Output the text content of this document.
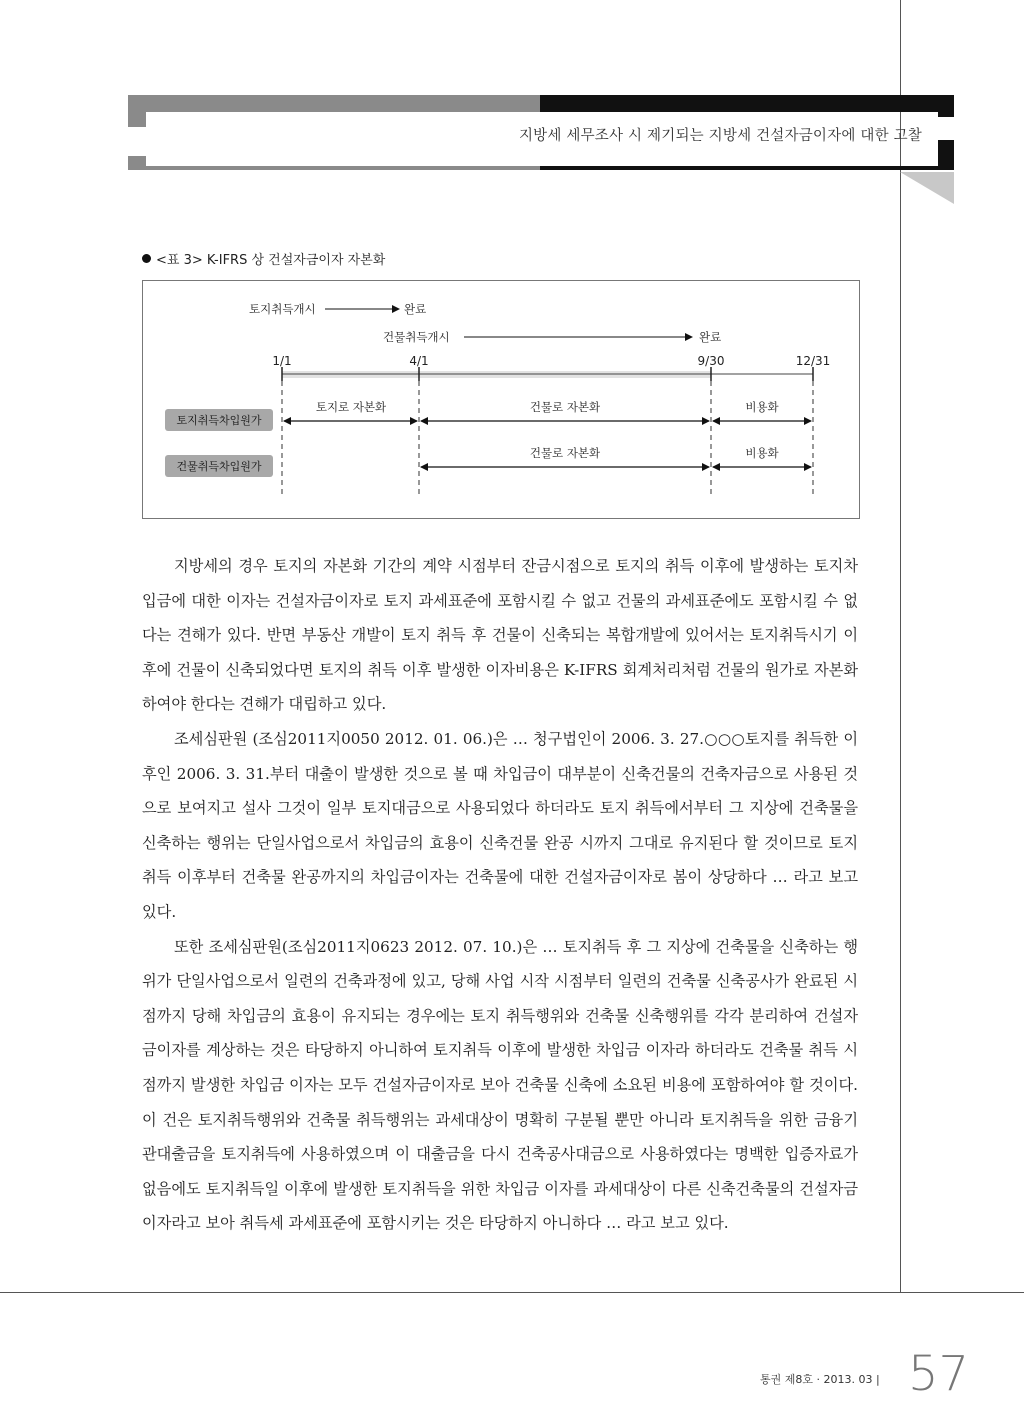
지방세 세무조사 시 제기되는 지방세 건설자금이자에 대한 고찰
<표 3> K-IFRS 상 건설자금이자 자본화
토지취득개시	완료
건물취득개시	완료
1/1	4/1	9/30	12/31
토지취득차입원가
건물취득차입원가
토지로 자본화	건물로 자본화	비용화
건물로 자본화	비용화

지방세의 경우 토지의 자본화 기간의 계약 시점부터 잔금시점으로 토지의 취득 이후에 발생하는 토지차입금에 대한 이자는 건설자금이자로 토지 과세표준에 포함시킬 수 없고 건물의 과세표준에도 포함시킬 수 없다는 견해가 있다. 반면 부동산 개발이 토지 취득 후 건물이 신축되는 복합개발에 있어서는 토지취득시기 이후에 건물이 신축되었다면 토지의 취득 이후 발생한 이자비용은 K-IFRS 회계처리처럼 건물의 원가로 자본화하여야 한다는 견해가 대립하고 있다.

조세심판원 (조심2011지0050 2012. 01. 06.)은 … 청구법인이 2006. 3. 27.○○○토지를 취득한 이후인 2006. 3. 31.부터 대출이 발생한 것으로 볼 때 차입금이 대부분이 신축건물의 건축자금으로 사용된 것으로 보여지고 설사 그것이 일부 토지대금으로 사용되었다 하더라도 토지 취득에서부터 그 지상에 건축물을 신축하는 행위는 단일사업으로서 차입금의 효용이 신축건물 완공 시까지 그대로 유지된다 할 것이므로 토지 취득 이후부터 건축물 완공까지의 차입금이자는 건축물에 대한 건설자금이자로 봄이 상당하다 … 라고 보고 있다.

또한 조세심판원(조심2011지0623 2012. 07. 10.)은 … 토지취득 후 그 지상에 건축물을 신축하는 행위가 단일사업으로서 일련의 건축과정에 있고, 당해 사업 시작 시점부터 일련의 건축물 신축공사가 완료된 시점까지 당해 차입금의 효용이 유지되는 경우에는 토지 취득행위와 건축물 신축행위를 각각 분리하여 건설자금이자를 계상하는 것은 타당하지 아니하여 토지취득 이후에 발생한 차입금 이자라 하더라도 건축물 취득 시점까지 발생한 차입금 이자는 모두 건설자금이자로 보아 건축물 신축에 소요된 비용에 포함하여야 할 것이다. 이 건은 토지취득행위와 건축물 취득행위는 과세대상이 명확히 구분될 뿐만 아니라 토지취득을 위한 금융기관대출금을 토지취득에 사용하였으며 이 대출금을 다시 건축공사대금으로 사용하였다는 명백한 입증자료가 없음에도 토지취득일 이후에 발생한 토지취득을 위한 차입금 이자를 과세대상이 다른 신축건축물의 건설자금이자라고 보아 취득세 과세표준에 포함시키는 것은 타당하지 아니하다 … 라고 보고 있다.

통권 제8호 · 2013. 03 | 57
